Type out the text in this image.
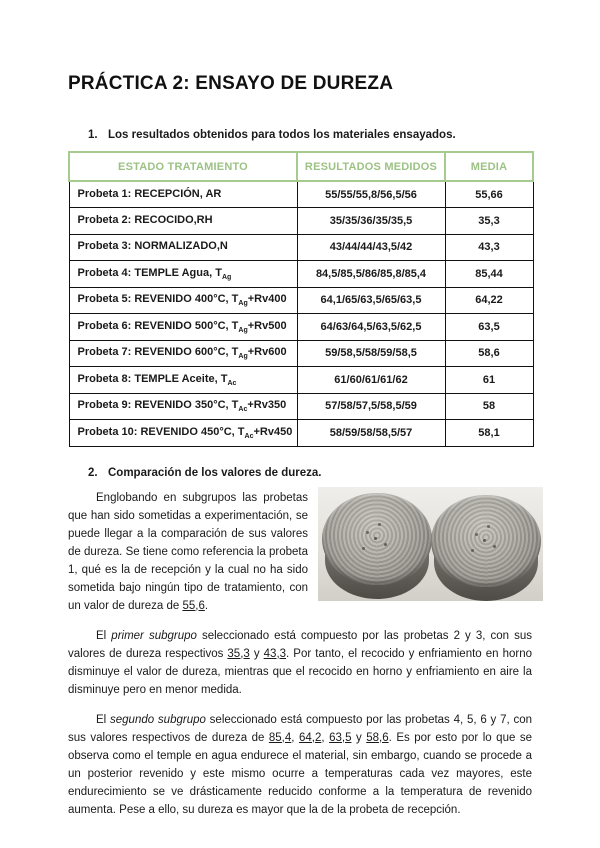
PRÁCTICA 2: ENSAYO DE DUREZA
1. Los resultados obtenidos para todos los materiales ensayados.
ESTADO TRATAMIENTO	RESULTADOS MEDIDOS	MEDIA
Probeta 1: RECEPCIÓN, AR	55/55/55,8/56,5/56	55,66
Probeta 2: RECOCIDO,RH	35/35/36/35/35,5	35,3
Probeta 3: NORMALIZADO,N	43/44/44/43,5/42	43,3
Probeta 4: TEMPLE Agua, $T_{Ag}$	84,5/85,5/86/85,8/85,4	85,44
Probeta 5: REVENIDO 400°C, $T_{Ag}+Rv400$	64,1/65/63,5/65/63,5	64,22
Probeta 6: REVENIDO 500°C, $T_{Ag}+Rv500$	64/63/64,5/63,5/62,5	63,5
Probeta 7: REVENIDO 600°C, $T_{Ag}+Rv600$	59/58,5/58/59/58,5	58,6
Probeta 8: TEMPLE Aceite, $T_{Ac}$	61/60/61/61/62	61
Probeta 9: REVENIDO 350°C, $T_{Ac}+Rv350$	57/58/57,5/58,5/59	58
Probeta 10: REVENIDO 450°C, $T_{Ac}+Rv450$	58/59/58/58,5/57	58,1
2. Comparación de los valores de dureza.

Englobando en subgrupos las probetas que han sido sometidas a experimentación, se puede llegar a la comparación de sus valores de dureza. Se tiene como referencia la probeta 1, qué es la de recepción y la cual no ha sido sometida bajo ningún tipo de tratamiento, con un valor de dureza de 55,6.

El primer subgrupo seleccionado está compuesto por las probetas 2 y 3, con sus valores de dureza respectivos 35,3 y 43,3. Por tanto, el recocido y enfriamiento en horno disminuye el valor de dureza, mientras que el recocido en horno y enfriamiento en aire la disminuye pero en menor medida.

El segundo subgrupo seleccionado está compuesto por las probetas 4, 5, 6 y 7, con sus valores respectivos de dureza de 85,4, 64,2, 63,5 y 58,6. Es por esto por lo que se observa como el temple en agua endurece el material, sin embargo, cuando se procede a un posterior revenido y este mismo ocurre a temperaturas cada vez mayores, este endurecimiento se ve drásticamente reducido conforme a la temperatura de revenido aumenta. Pese a ello, su dureza es mayor que la de la probeta de recepción.
